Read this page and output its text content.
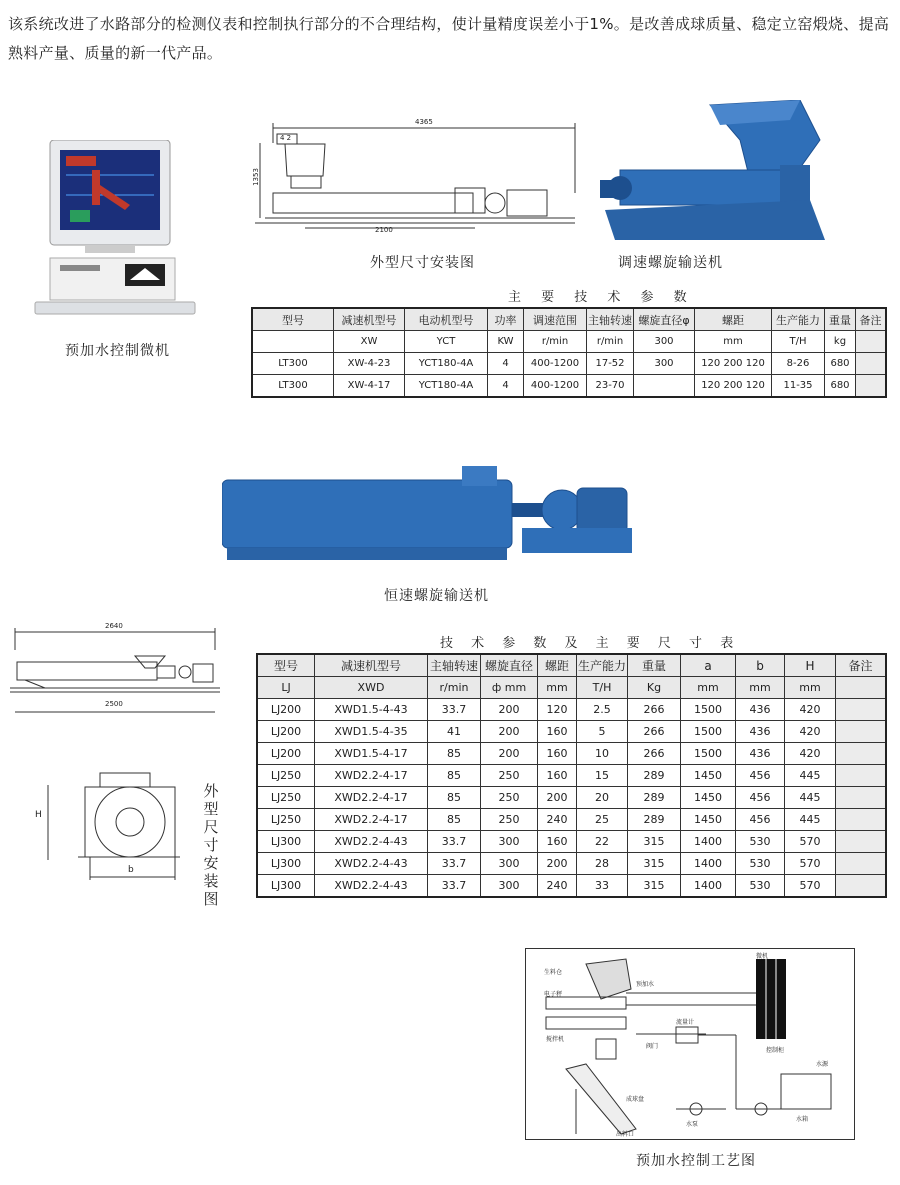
该系统改进了水路部分的检测仪表和控制执行部分的不合理结构，使计量精度误差小于1%。是改善成球质量、稳定立窑煅烧、提高熟料产量、质量的新一代产品。
预加水控制微机
4365
4 2
2100
1353
外型尺寸安装图	调速螺旋输送机
主 要 技 术 参 数
型号	减速机型号	电动机型号	功率	调速范围	主轴转速	螺旋直径φ	螺距	生产能力	重量	备注
	XW	YCT	KW	r/min	r/min	300	mm	T/H	kg	
LT300	XW-4-23	YCT180-4A	4	400-1200	17-52	300	120 200 120	8-26	680	
LT300	XW-4-17	YCT180-4A	4	400-1200	23-70		120 200 120	11-35	680	
恒速螺旋输送机
2640
2500
H
b
外型尺寸安装图
技 术 参 数 及 主 要 尺 寸 表
型号	减速机型号	主轴转速	螺旋直径	螺距	生产能力	重量	a	b	H	备注
LJ	XWD	r/min	ф mm	mm	T/H	Kg	mm	mm	mm	
LJ200	XWD1.5-4-43	33.7	200	120	2.5	266	1500	436	420	
LJ200	XWD1.5-4-35	41	200	160	5	266	1500	436	420	
LJ200	XWD1.5-4-17	85	200	160	10	266	1500	436	420	
LJ250	XWD2.2-4-17	85	250	160	15	289	1450	456	445	
LJ250	XWD2.2-4-17	85	250	200	20	289	1450	456	445	
LJ250	XWD2.2-4-17	85	250	240	25	289	1450	456	445	
LJ300	XWD2.2-4-43	33.7	300	160	22	315	1400	530	570	
LJ300	XWD2.2-4-43	33.7	300	200	28	315	1400	530	570	
LJ300	XWD2.2-4-43	33.7	300	240	33	315	1400	530	570	
生料仓
电子秤
预加水
微机
搅拌机
水泵
阀门
流量计
水箱
成球盘
出料口
控制柜
水源
预加水控制工艺图
